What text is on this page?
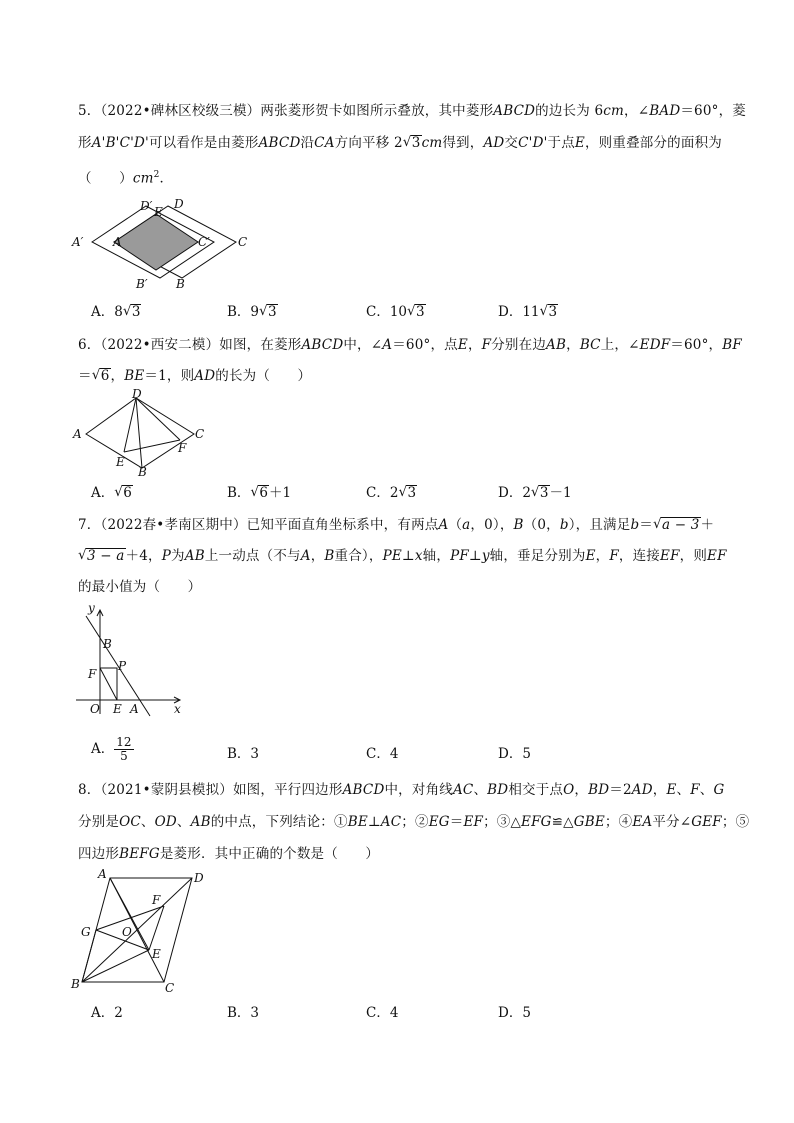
5．（2022•碑林区校级三模）两张菱形贺卡如图所示叠放，其中菱形ABCD的边长为 6cm，∠BAD＝60°，菱
形A'B'C'D'可以看作是由菱形ABCD沿CA方向平移 2 √ 3cm得到，AD交C'D'于点E，则重叠部分的面积为
（　　）$cm^2$．
D′ E
D
A′ A	C′ C
B′ B
A．8 √ 3	B．9 √ 3	C．10 √ 3	D．11 √ 3
6．（2022•西安二模）如图，在菱形ABCD中，∠A＝60°，点E，F分别在边AB，BC上，∠EDF＝60°，BF
＝ √ 6，BE＝1，则AD的长为（　　）
D
A	C
F
E
B
A． √ 6	B． √ 6＋1	C．2 √ 3	D．2 √ 3－1
7．（2022春•孝南区期中）已知平面直角坐标系中，有两点A（a，0），B（0，b），且满足b＝ √ a − 3＋
√ 3 − a＋4，P为AB上一动点（不与A，B重合），PE⊥x轴，PF⊥y轴，垂足分别为E，F，连接EF，则EF
的最小值为（　　）
y
B
P
F
O E A	x
A． $\frac{12}{5}$	B．3	C．4	D．5
8．（2021•蒙阴县模拟）如图，平行四边形ABCD中，对角线AC、BD相交于点O，BD＝2AD，E、F、G
分别是OC、OD、AB的中点，下列结论：①BE⊥AC；②EG＝EF；③△EFG≌△GBE；④EA平分∠GEF；⑤
四边形BEFG是菱形．其中正确的个数是（　　）
A	D
F
G	O
E
B	C
A．2	B．3	C．4	D．5
